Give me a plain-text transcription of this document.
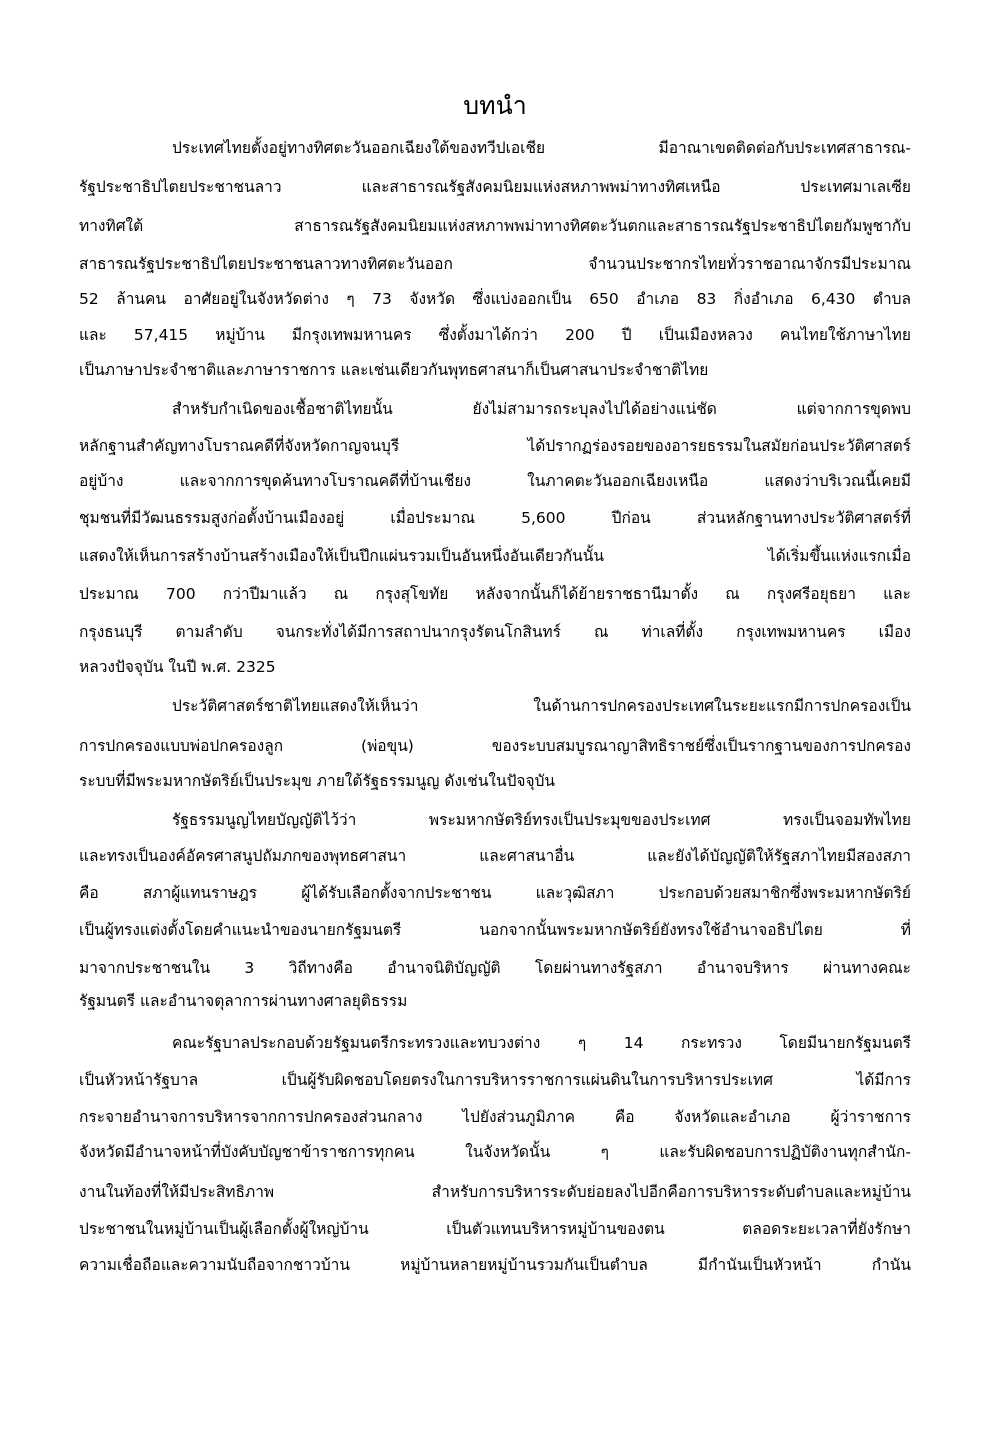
บทนำ
ประเทศไทยตั้งอยู่ทางทิศตะวันออกเฉียงใต้ของทวีปเอเชีย มีอาณาเขตติดต่อกับประเทศสาธารณ-
รัฐประชาธิปไตยประชาชนลาว และสาธารณรัฐสังคมนิยมแห่งสหภาพพม่าทางทิศเหนือ ประเทศมาเลเซีย
ทางทิศใต้ สาธารณรัฐสังคมนิยมแห่งสหภาพพม่าทางทิศตะวันตกและสาธารณรัฐประชาธิปไตยกัมพูชากับ
สาธารณรัฐประชาธิปไตยประชาชนลาวทางทิศตะวันออก จำนวนประชากรไทยทั่วราชอาณาจักรมีประมาณ
52 ล้านคน อาศัยอยู่ในจังหวัดต่าง ๆ 73 จังหวัด ซึ่งแบ่งออกเป็น 650 อำเภอ 83 กิ่งอำเภอ 6,430 ตำบล
และ 57,415 หมู่บ้าน มีกรุงเทพมหานคร ซึ่งตั้งมาได้กว่า 200 ปี เป็นเมืองหลวง คนไทยใช้ภาษาไทย
เป็นภาษาประจำชาติและภาษาราชการ และเช่นเดียวกันพุทธศาสนาก็เป็นศาสนาประจำชาติไทย
สำหรับกำเนิดของเชื้อชาติไทยนั้น ยังไม่สามารถระบุลงไปได้อย่างแน่ชัด แต่จากการขุดพบ
หลักฐานสำคัญทางโบราณคดีที่จังหวัดกาญจนบุรี ได้ปรากฏร่องรอยของอารยธรรมในสมัยก่อนประวัติศาสตร์
อยู่บ้าง และจากการขุดค้นทางโบราณคดีที่บ้านเชียง ในภาคตะวันออกเฉียงเหนือ แสดงว่าบริเวณนี้เคยมี
ชุมชนที่มีวัฒนธรรมสูงก่อตั้งบ้านเมืองอยู่ เมื่อประมาณ 5,600 ปีก่อน ส่วนหลักฐานทางประวัติศาสตร์ที่
แสดงให้เห็นการสร้างบ้านสร้างเมืองให้เป็นปึกแผ่นรวมเป็นอันหนึ่งอันเดียวกันนั้น ได้เริ่มขึ้นแห่งแรกเมื่อ
ประมาณ 700 กว่าปีมาแล้ว ณ กรุงสุโขทัย หลังจากนั้นก็ได้ย้ายราชธานีมาตั้ง ณ กรุงศรีอยุธยา และ
กรุงธนบุรี ตามลำดับ จนกระทั่งได้มีการสถาปนากรุงรัตนโกสินทร์ ณ ท่าเลที่ตั้ง กรุงเทพมหานคร เมือง
หลวงปัจจุบัน ในปี พ.ศ. 2325
ประวัติศาสตร์ชาติไทยแสดงให้เห็นว่า ในด้านการปกครองประเทศในระยะแรกมีการปกครองเป็น
การปกครองแบบพ่อปกครองลูก (พ่อขุน) ของระบบสมบูรณาญาสิทธิราชย์ซึ่งเป็นรากฐานของการปกครอง
ระบบที่มีพระมหากษัตริย์เป็นประมุข ภายใต้รัฐธรรมนูญ ดังเช่นในปัจจุบัน
รัฐธรรมนูญไทยบัญญัติไว้ว่า พระมหากษัตริย์ทรงเป็นประมุขของประเทศ ทรงเป็นจอมทัพไทย
และทรงเป็นองค์อัครศาสนูปถัมภกของพุทธศาสนา และศาสนาอื่น และยังได้บัญญัติให้รัฐสภาไทยมีสองสภา
คือ สภาผู้แทนราษฎร ผู้ได้รับเลือกตั้งจากประชาชน และวุฒิสภา ประกอบด้วยสมาชิกซึ่งพระมหากษัตริย์
เป็นผู้ทรงแต่งตั้งโดยคำแนะนำของนายกรัฐมนตรี นอกจากนั้นพระมหากษัตริย์ยังทรงใช้อำนาจอธิปไตย ที่
มาจากประชาชนใน 3 วิถีทางคือ อำนาจนิติบัญญัติ โดยผ่านทางรัฐสภา อำนาจบริหาร ผ่านทางคณะ
รัฐมนตรี และอำนาจตุลาการผ่านทางศาลยุติธรรม
คณะรัฐบาลประกอบด้วยรัฐมนตรีกระทรวงและทบวงต่าง ๆ 14 กระทรวง โดยมีนายกรัฐมนตรี
เป็นหัวหน้ารัฐบาล เป็นผู้รับผิดชอบโดยตรงในการบริหารราชการแผ่นดินในการบริหารประเทศ ได้มีการ
กระจายอำนาจการบริหารจากการปกครองส่วนกลาง ไปยังส่วนภูมิภาค คือ จังหวัดและอำเภอ ผู้ว่าราชการ
จังหวัดมีอำนาจหน้าที่บังคับบัญชาข้าราชการทุกคน ในจังหวัดนั้น ๆ และรับผิดชอบการปฏิบัติงานทุกสำนัก-
งานในท้องที่ให้มีประสิทธิภาพ สำหรับการบริหารระดับย่อยลงไปอีกคือการบริหารระดับตำบลและหมู่บ้าน
ประชาชนในหมู่บ้านเป็นผู้เลือกตั้งผู้ใหญ่บ้าน เป็นตัวแทนบริหารหมู่บ้านของตน ตลอดระยะเวลาที่ยังรักษา
ความเชื่อถือและความนับถือจากชาวบ้าน หมู่บ้านหลายหมู่บ้านรวมกันเป็นตำบล มีกำนันเป็นหัวหน้า กำนัน
